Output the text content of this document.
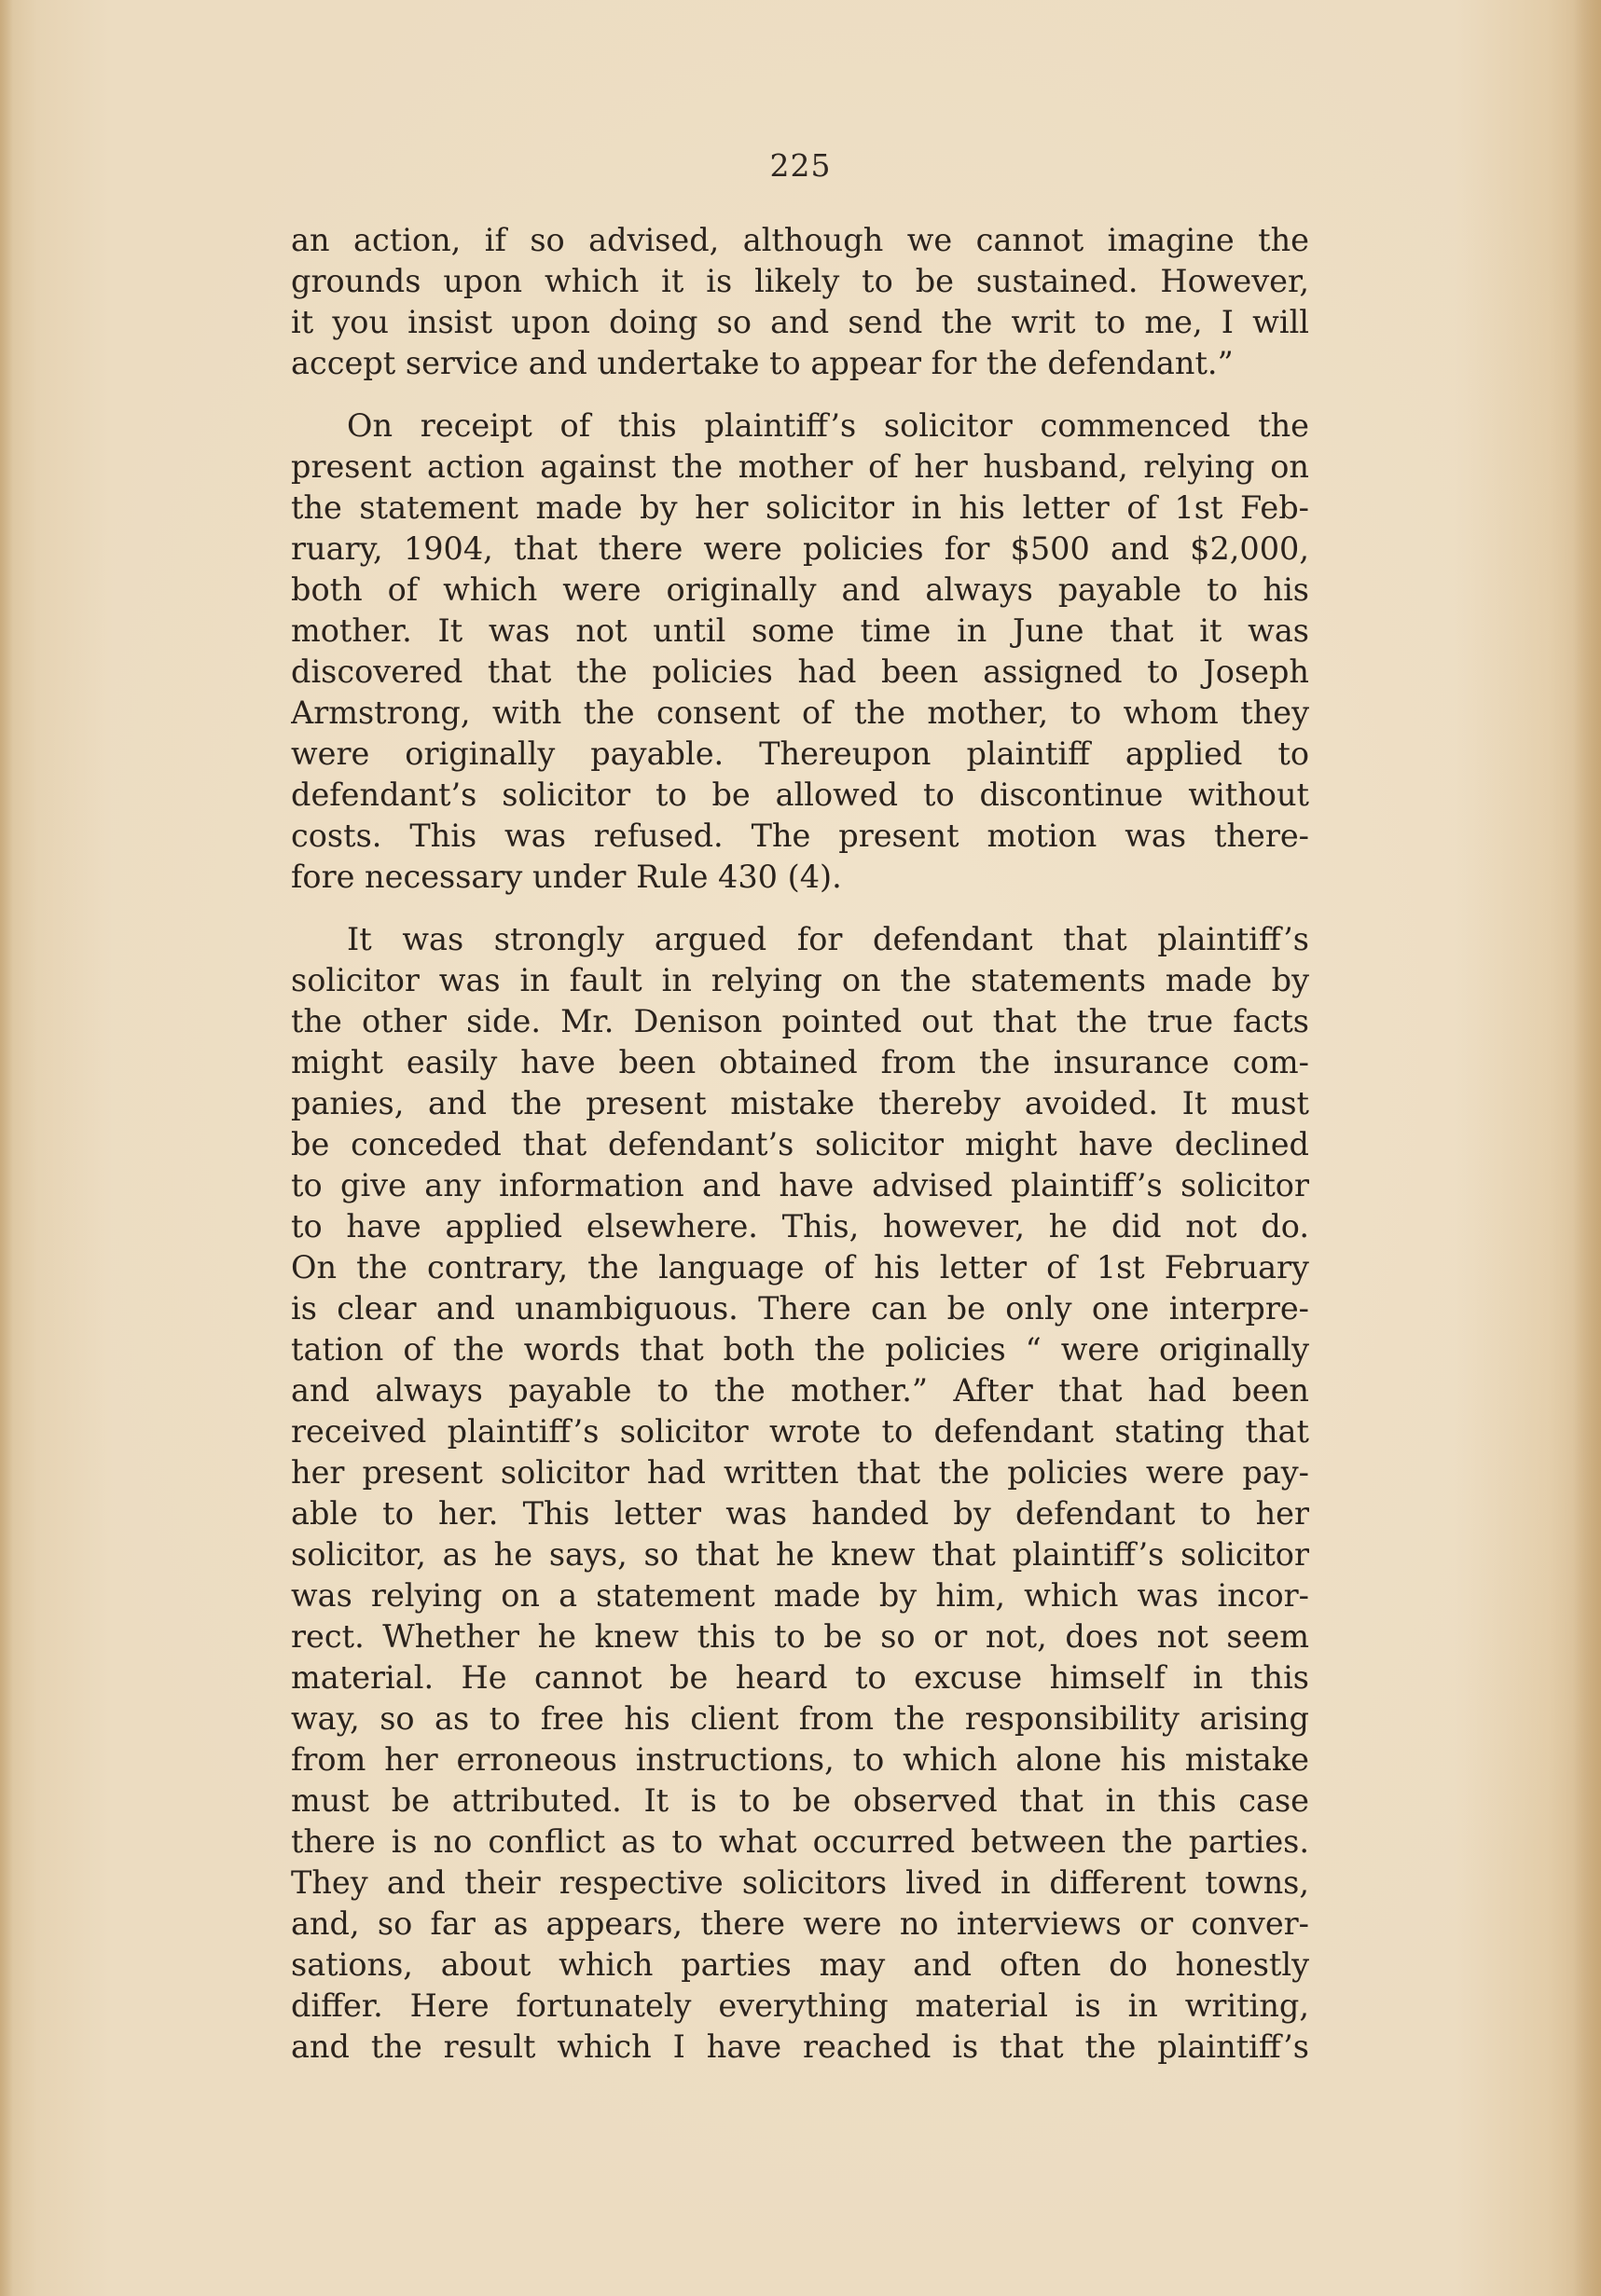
225
an action, if so advised, although we cannot imagine the
grounds upon which it is likely to be sustained. However,
it you insist upon doing so and send the writ to me, I will
accept service and undertake to appear for the defendant.”
On receipt of this plaintiff’s solicitor commenced the
present action against the mother of her husband, relying on
the statement made by her solicitor in his letter of 1st Feb-
ruary, 1904, that there were policies for $500 and $2,000,
both of which were originally and always payable to his
mother. It was not until some time in June that it was
discovered that the policies had been assigned to Joseph
Armstrong, with the consent of the mother, to whom they
were originally payable. Thereupon plaintiff applied to
defendant’s solicitor to be allowed to discontinue without
costs. This was refused. The present motion was there-
fore necessary under Rule 430 (4).
It was strongly argued for defendant that plaintiff’s
solicitor was in fault in relying on the statements made by
the other side. Mr. Denison pointed out that the true facts
might easily have been obtained from the insurance com-
panies, and the present mistake thereby avoided. It must
be conceded that defendant’s solicitor might have declined
to give any information and have advised plaintiff’s solicitor
to have applied elsewhere. This, however, he did not do.
On the contrary, the language of his letter of 1st February
is clear and unambiguous. There can be only one interpre-
tation of the words that both the policies “ were originally
and always payable to the mother.” After that had been
received plaintiff’s solicitor wrote to defendant stating that
her present solicitor had written that the policies were pay-
able to her. This letter was handed by defendant to her
solicitor, as he says, so that he knew that plaintiff’s solicitor
was relying on a statement made by him, which was incor-
rect. Whether he knew this to be so or not, does not seem
material. He cannot be heard to excuse himself in this
way, so as to free his client from the responsibility arising
from her erroneous instructions, to which alone his mistake
must be attributed. It is to be observed that in this case
there is no conflict as to what occurred between the parties.
They and their respective solicitors lived in different towns,
and, so far as appears, there were no interviews or conver-
sations, about which parties may and often do honestly
differ. Here fortunately everything material is in writing,
and the result which I have reached is that the plaintiff’s
